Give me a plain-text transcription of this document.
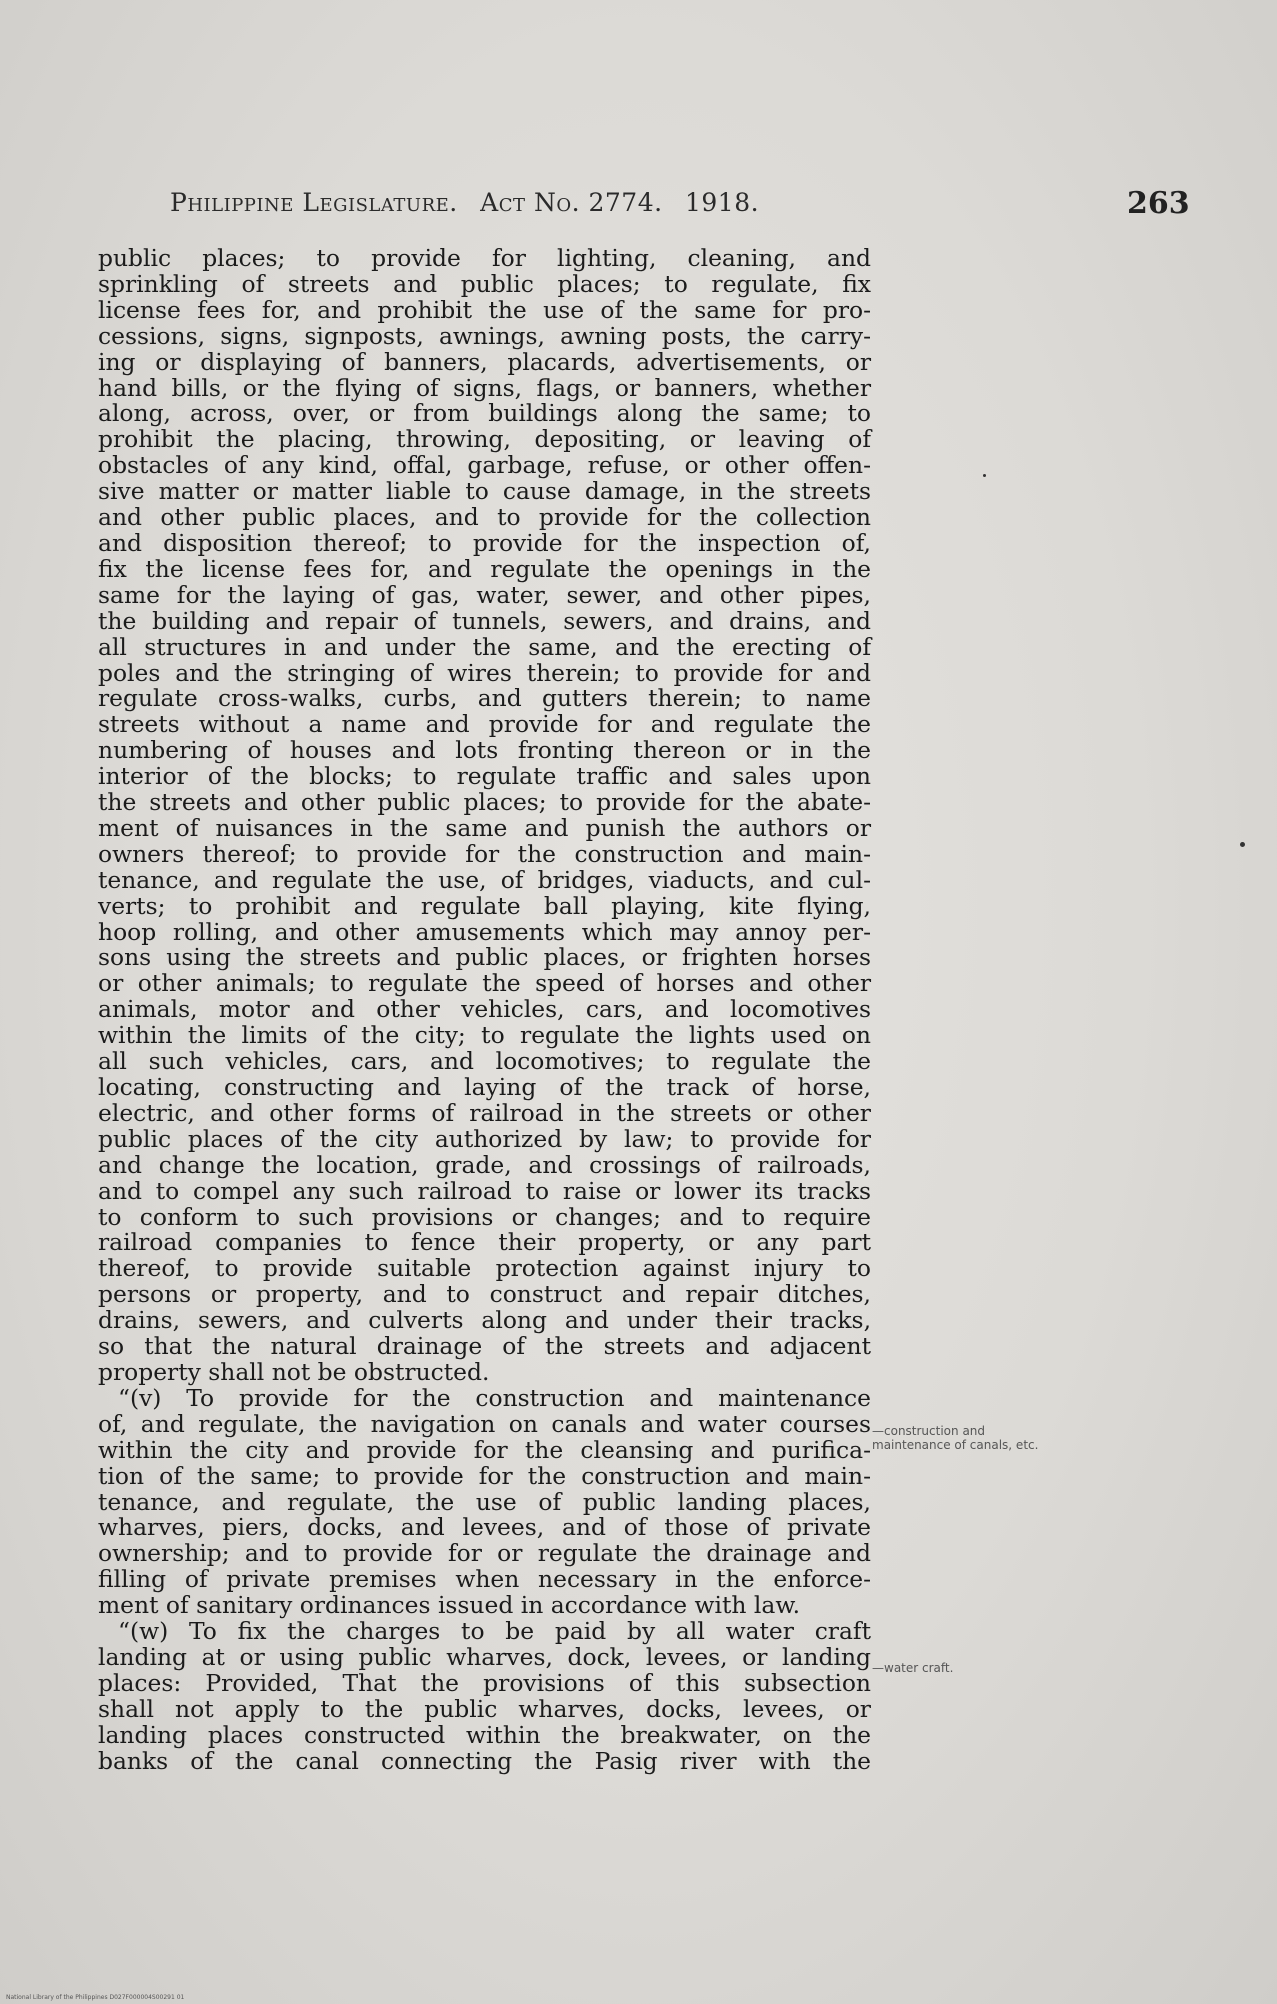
Philippine Legislature. Act No. 2774. 1918.	263
public places; to provide for lighting, cleaning, and
sprinkling of streets and public places; to regulate, fix
license fees for, and prohibit the use of the same for pro-
cessions, signs, signposts, awnings, awning posts, the carry-
ing or displaying of banners, placards, advertisements, or
hand bills, or the flying of signs, flags, or banners, whether
along, across, over, or from buildings along the same; to
prohibit the placing, throwing, depositing, or leaving of
obstacles of any kind, offal, garbage, refuse, or other offen-
sive matter or matter liable to cause damage, in the streets
and other public places, and to provide for the collection
and disposition thereof; to provide for the inspection of,
fix the license fees for, and regulate the openings in the
same for the laying of gas, water, sewer, and other pipes,
the building and repair of tunnels, sewers, and drains, and
all structures in and under the same, and the erecting of
poles and the stringing of wires therein; to provide for and
regulate cross-walks, curbs, and gutters therein; to name
streets without a name and provide for and regulate the
numbering of houses and lots fronting thereon or in the
interior of the blocks; to regulate traffic and sales upon
the streets and other public places; to provide for the abate-
ment of nuisances in the same and punish the authors or
owners thereof; to provide for the construction and main-
tenance, and regulate the use, of bridges, viaducts, and cul-
verts; to prohibit and regulate ball playing, kite flying,
hoop rolling, and other amusements which may annoy per-
sons using the streets and public places, or frighten horses
or other animals; to regulate the speed of horses and other
animals, motor and other vehicles, cars, and locomotives
within the limits of the city; to regulate the lights used on
all such vehicles, cars, and locomotives; to regulate the
locating, constructing and laying of the track of horse,
electric, and other forms of railroad in the streets or other
public places of the city authorized by law; to provide for
and change the location, grade, and crossings of railroads,
and to compel any such railroad to raise or lower its tracks
to conform to such provisions or changes; and to require
railroad companies to fence their property, or any part
thereof, to provide suitable protection against injury to
persons or property, and to construct and repair ditches,
drains, sewers, and culverts along and under their tracks,
so that the natural drainage of the streets and adjacent
property shall not be obstructed.
“(v) To provide for the construction and maintenance
of, and regulate, the navigation on canals and water courses
within the city and provide for the cleansing and purifica-
tion of the same; to provide for the construction and main-
tenance, and regulate, the use of public landing places,
wharves, piers, docks, and levees, and of those of private
ownership; and to provide for or regulate the drainage and
filling of private premises when necessary in the enforce-
ment of sanitary ordinances issued in accordance with law.
“(w) To fix the charges to be paid by all water craft
landing at or using public wharves, dock, levees, or landing
places: Provided, That the provisions of this subsection
shall not apply to the public wharves, docks, levees, or
landing places constructed within the breakwater, on the
banks of the canal connecting the Pasig river with the
—construction and maintenance of canals, etc.
—water craft.
National Library of the Philippines D027F000004S00291 01
